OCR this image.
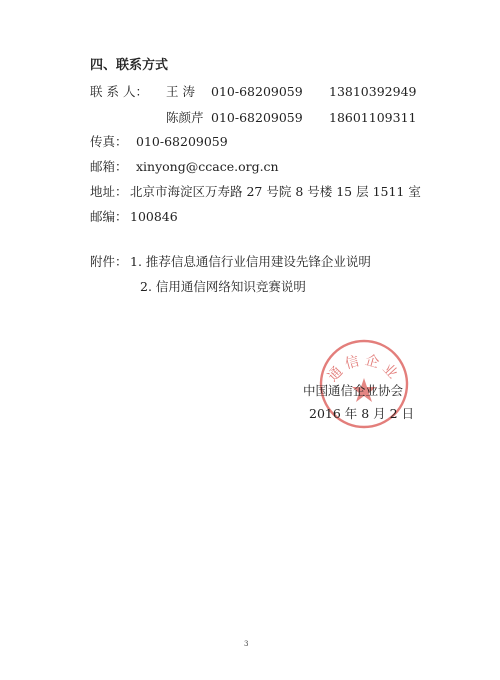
四、联系方式
联 系 人： 王 涛 010-68209059 13810392949
陈颜芹 010-68209059 18601109311
传真： 010-68209059
邮箱： xinyong@ccace.org.cn
地址： 北京市海淀区万寿路 27 号院 8 号楼 15 层 1511 室
邮编： 100846
附件： 1. 推荐信息通信行业信用建设先锋企业说明
2. 信用通信网络知识竞赛说明
通信企业
中国通信企业协会
2016 年 8 月 2 日
3
